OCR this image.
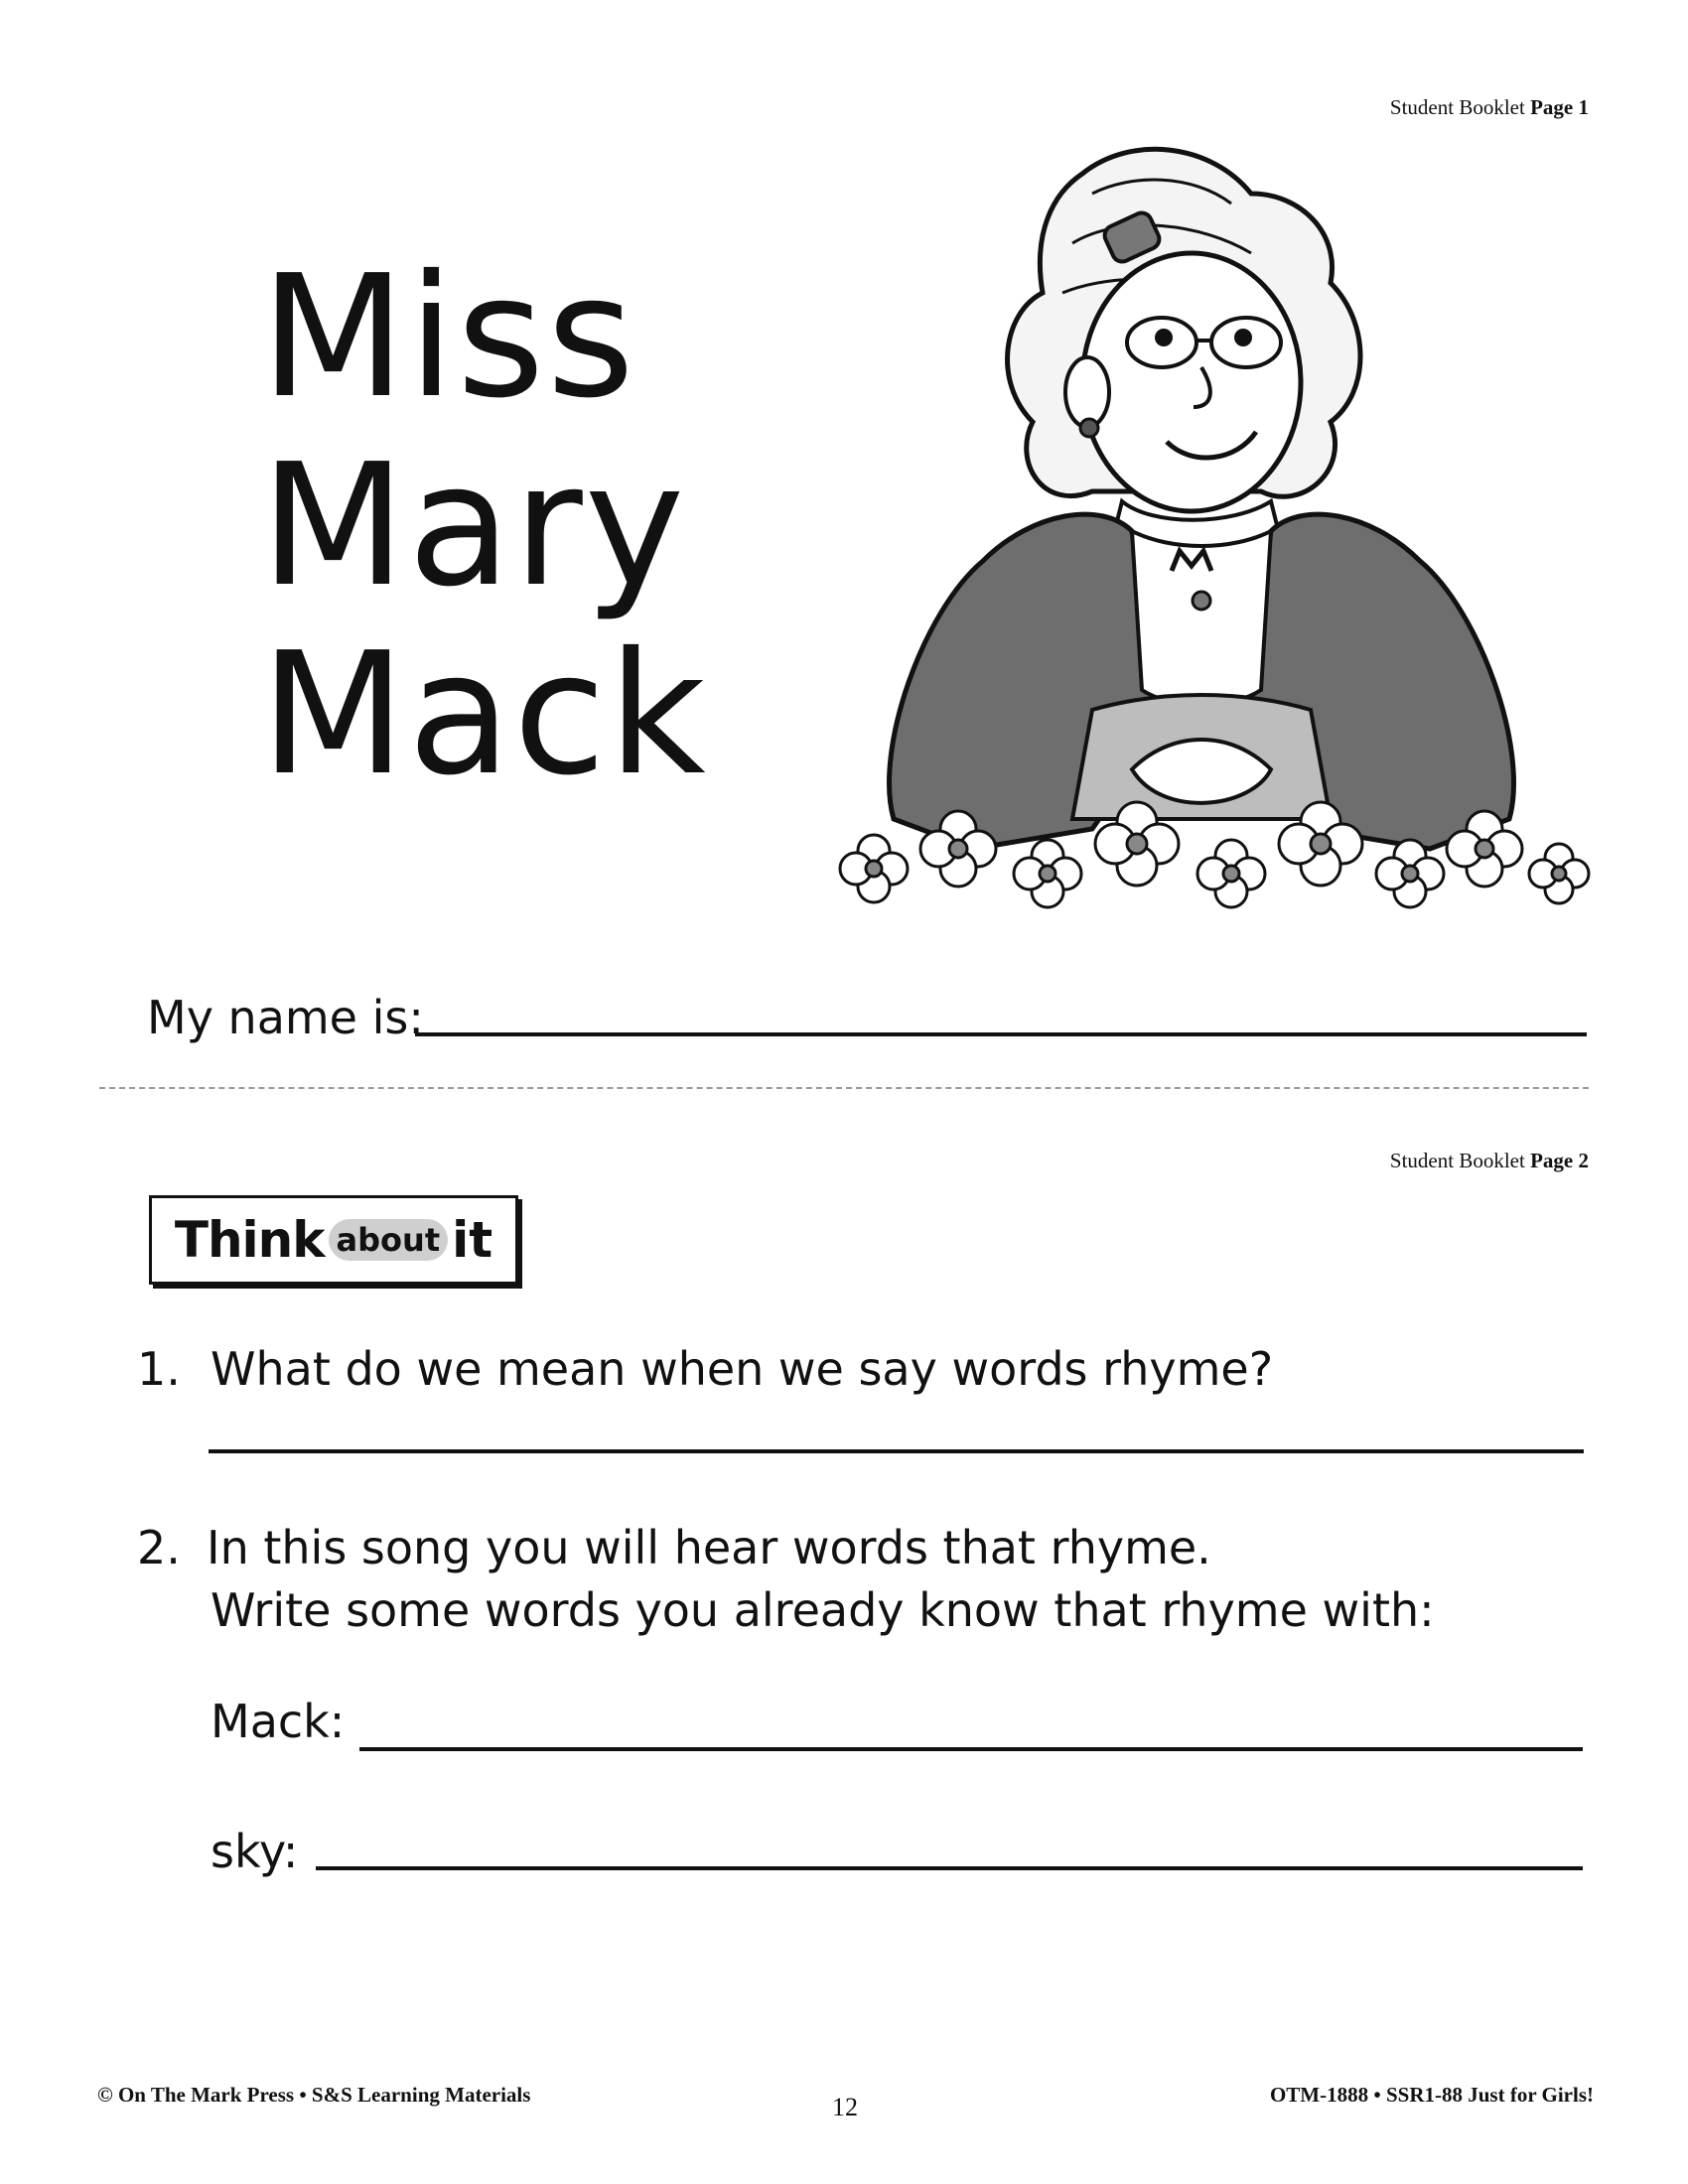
Student Booklet Page 1
Miss
Mary
Mack
My name is:
Student Booklet Page 2
Think about it
1. What do we mean when we say words rhyme?
2. In this song you will hear words that rhyme.
Write some words you already know that rhyme with:
Mack:
sky:
© On The Mark Press • S&S Learning Materials	12	OTM-1888 • SSR1-88 Just for Girls!
